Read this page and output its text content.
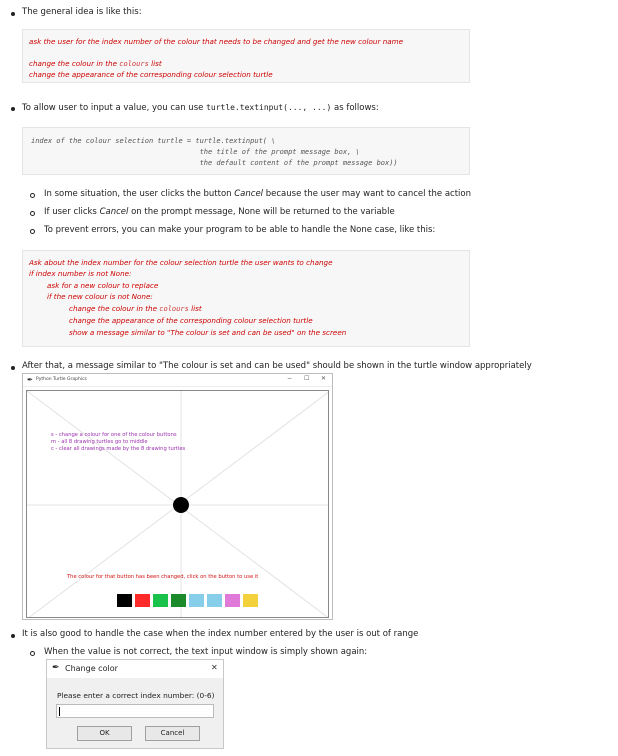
The general idea is like this:
ask the user for the index number of the colour that needs to be changed and get the new colour name
change the colour in the colours list
change the appearance of the corresponding colour selection turtle
To allow user to input a value, you can use turtle.textinput(..., ...) as follows:
index of the colour selection turtle = turtle.textinput( \
the title of the prompt message box, \
the default content of the prompt message box))
In some situation, the user clicks the button Cancel because the user may want to cancel the action
If user clicks Cancel on the prompt message, None will be returned to the variable
To prevent errors, you can make your program to be able to handle the None case, like this:
Ask about the index number for the colour selection turtle the user wants to change
if index number is not None:
ask for a new colour to replace
if the new colour is not None:
change the colour in the colours list
change the appearance of the corresponding colour selection turtle
show a message similar to "The colour is set and can be used" on the screen
After that, a message similar to "The colour is set and can be used" should be shown in the turtle window appropriately
✒ Python Turtle Graphics	− ☐ ✕
s - change a colour for one of the colour buttons
m - all 8 drawing turtles go to middle
c - clear all drawings made by the 8 drawing turtles
The colour for that button has been changed, click on the button to use it
It is also good to handle the case when the index number entered by the user is out of range
When the value is not correct, the text input window is simply shown again:
✒ Change color	✕
Please enter a correct index number: (0-6)
OK	Cancel
